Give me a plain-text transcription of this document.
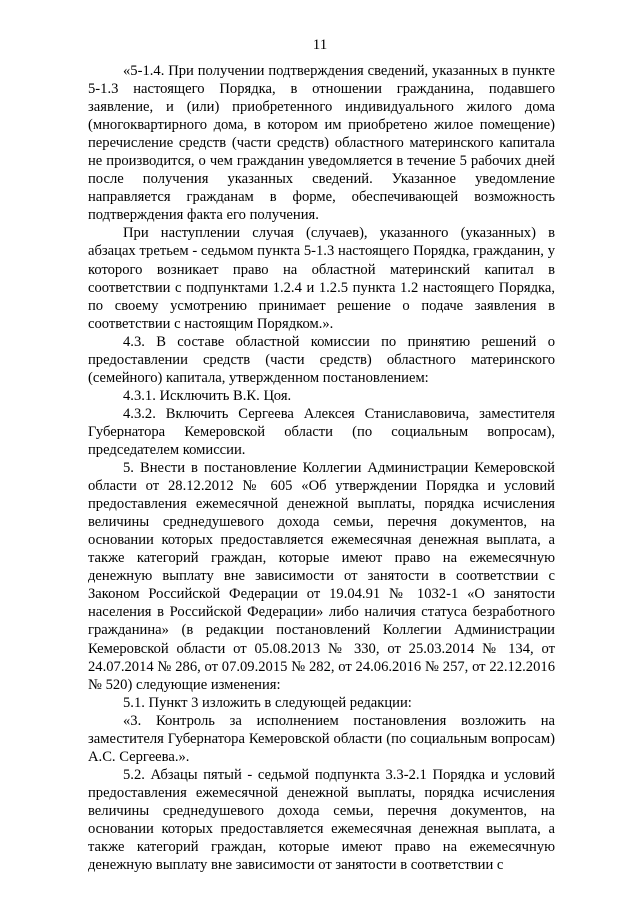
11

«5-1.4. При получении подтверждения сведений, указанных в пункте 5-1.3 настоящего Порядка, в отношении гражданина, подавшего заявление, и (или) приобретенного индивидуального жилого дома (многоквартирного дома, в котором им приобретено жилое помещение) перечисление средств (части средств) областного материнского капитала не производится, о чем гражданин уведомляется в течение 5 рабочих дней после получения указанных сведений. Указанное уведомление направляется гражданам в форме, обеспечивающей возможность подтверждения факта его получения.

При наступлении случая (случаев), указанного (указанных) в абзацах третьем - седьмом пункта 5-1.3 настоящего Порядка, гражданин, у которого возникает право на областной материнский капитал в соответствии с подпунктами 1.2.4 и 1.2.5 пункта 1.2 настоящего Порядка, по своему усмотрению принимает решение о подаче заявления в соответствии с настоящим Порядком.».

4.3. В составе областной комиссии по принятию решений о предоставлении средств (части средств) областного материнского (семейного) капитала, утвержденном постановлением:

4.3.1. Исключить В.К. Цоя.

4.3.2. Включить Сергеева Алексея Станиславовича, заместителя Губернатора Кемеровской области (по социальным вопросам), председателем комиссии.

5. Внести в постановление Коллегии Администрации Кемеровской области от 28.12.2012 № 605 «Об утверждении Порядка и условий предоставления ежемесячной денежной выплаты, порядка исчисления величины среднедушевого дохода семьи, перечня документов, на основании которых предоставляется ежемесячная денежная выплата, а также категорий граждан, которые имеют право на ежемесячную денежную выплату вне зависимости от занятости в соответствии с Законом Российской Федерации от 19.04.91 № 1032-1 «О занятости населения в Российской Федерации» либо наличия статуса безработного гражданина» (в редакции постановлений Коллегии Администрации Кемеровской области от 05.08.2013 № 330, от 25.03.2014 № 134, от 24.07.2014 № 286, от 07.09.2015 № 282, от 24.06.2016 № 257, от 22.12.2016 № 520) следующие изменения:

5.1. Пункт 3 изложить в следующей редакции:

«3. Контроль за исполнением постановления возложить на заместителя Губернатора Кемеровской области (по социальным вопросам) А.С. Сергеева.».

5.2. Абзацы пятый - седьмой подпункта 3.3-2.1 Порядка и условий предоставления ежемесячной денежной выплаты, порядка исчисления величины среднедушевого дохода семьи, перечня документов, на основании которых предоставляется ежемесячная денежная выплата, а также категорий граждан, которые имеют право на ежемесячную денежную выплату вне зависимости от занятости в соответствии с
